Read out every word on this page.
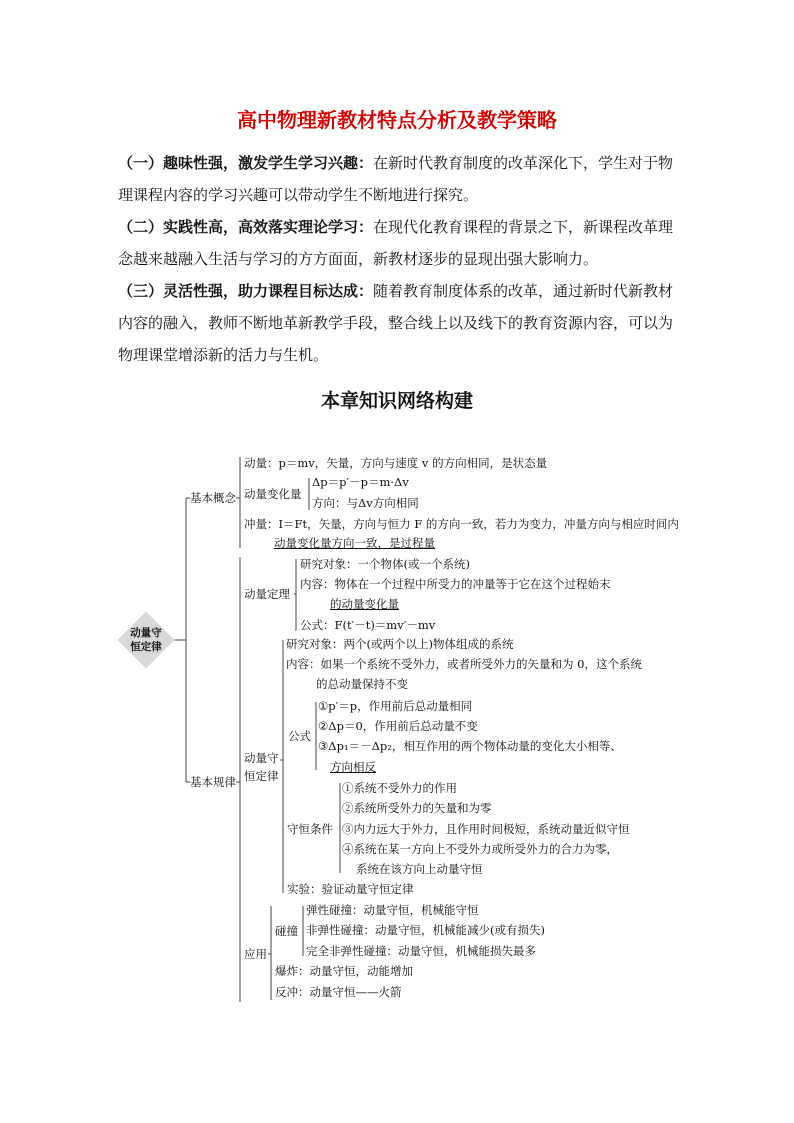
高中物理新教材特点分析及教学策略

（一）趣味性强，激发学生学习兴趣：在新时代教育制度的改革深化下，学生对于物理课程内容的学习兴趣可以带动学生不断地进行探究。

（二）实践性高，高效落实理论学习：在现代化教育课程的背景之下，新课程改革理念越来越融入生活与学习的方方面面，新教材逐步的显现出强大影响力。

（三）灵活性强，助力课程目标达成：随着教育制度体系的改革，通过新时代新教材内容的融入，教师不断地革新教学手段，整合线上以及线下的教育资源内容，可以为物理课堂增添新的活力与生机。

本章知识网络构建
动量守
恒定律
基本概念
基本规律
动量：p＝mv，矢量，方向与速度 v 的方向相同，是状态量
动量变化量
Δp＝p′－p＝m·Δv
方向：与Δv方向相同
冲量：I＝Ft，矢量，方向与恒力 F 的方向一致，若力为变力，冲量方向与相应时间内
动量变化量方向一致，是过程量
动量定理
研究对象：一个物体(或一个系统)
内容：物体在一个过程中所受力的冲量等于它在这个过程始末
的动量变化量
公式：F(t′－t)＝mv′－mv
动量守
恒定律
研究对象：两个(或两个以上)物体组成的系统
内容：如果一个系统不受外力，或者所受外力的矢量和为 0，这个系统
的总动量保持不变
公式
①p′＝p，作用前后总动量相同
②Δp＝0，作用前后总动量不变
③Δp₁＝－Δp₂，相互作用的两个物体动量的变化大小相等、
方向相反
守恒条件
①系统不受外力的作用
②系统所受外力的矢量和为零
③内力远大于外力，且作用时间极短，系统动量近似守恒
④系统在某一方向上不受外力或所受外力的合力为零，
系统在该方向上动量守恒
实验：验证动量守恒定律
应用
碰撞
弹性碰撞：动量守恒，机械能守恒
非弹性碰撞：动量守恒，机械能减少(或有损失)
完全非弹性碰撞：动量守恒，机械能损失最多
爆炸：动量守恒，动能增加
反冲：动量守恒——火箭
